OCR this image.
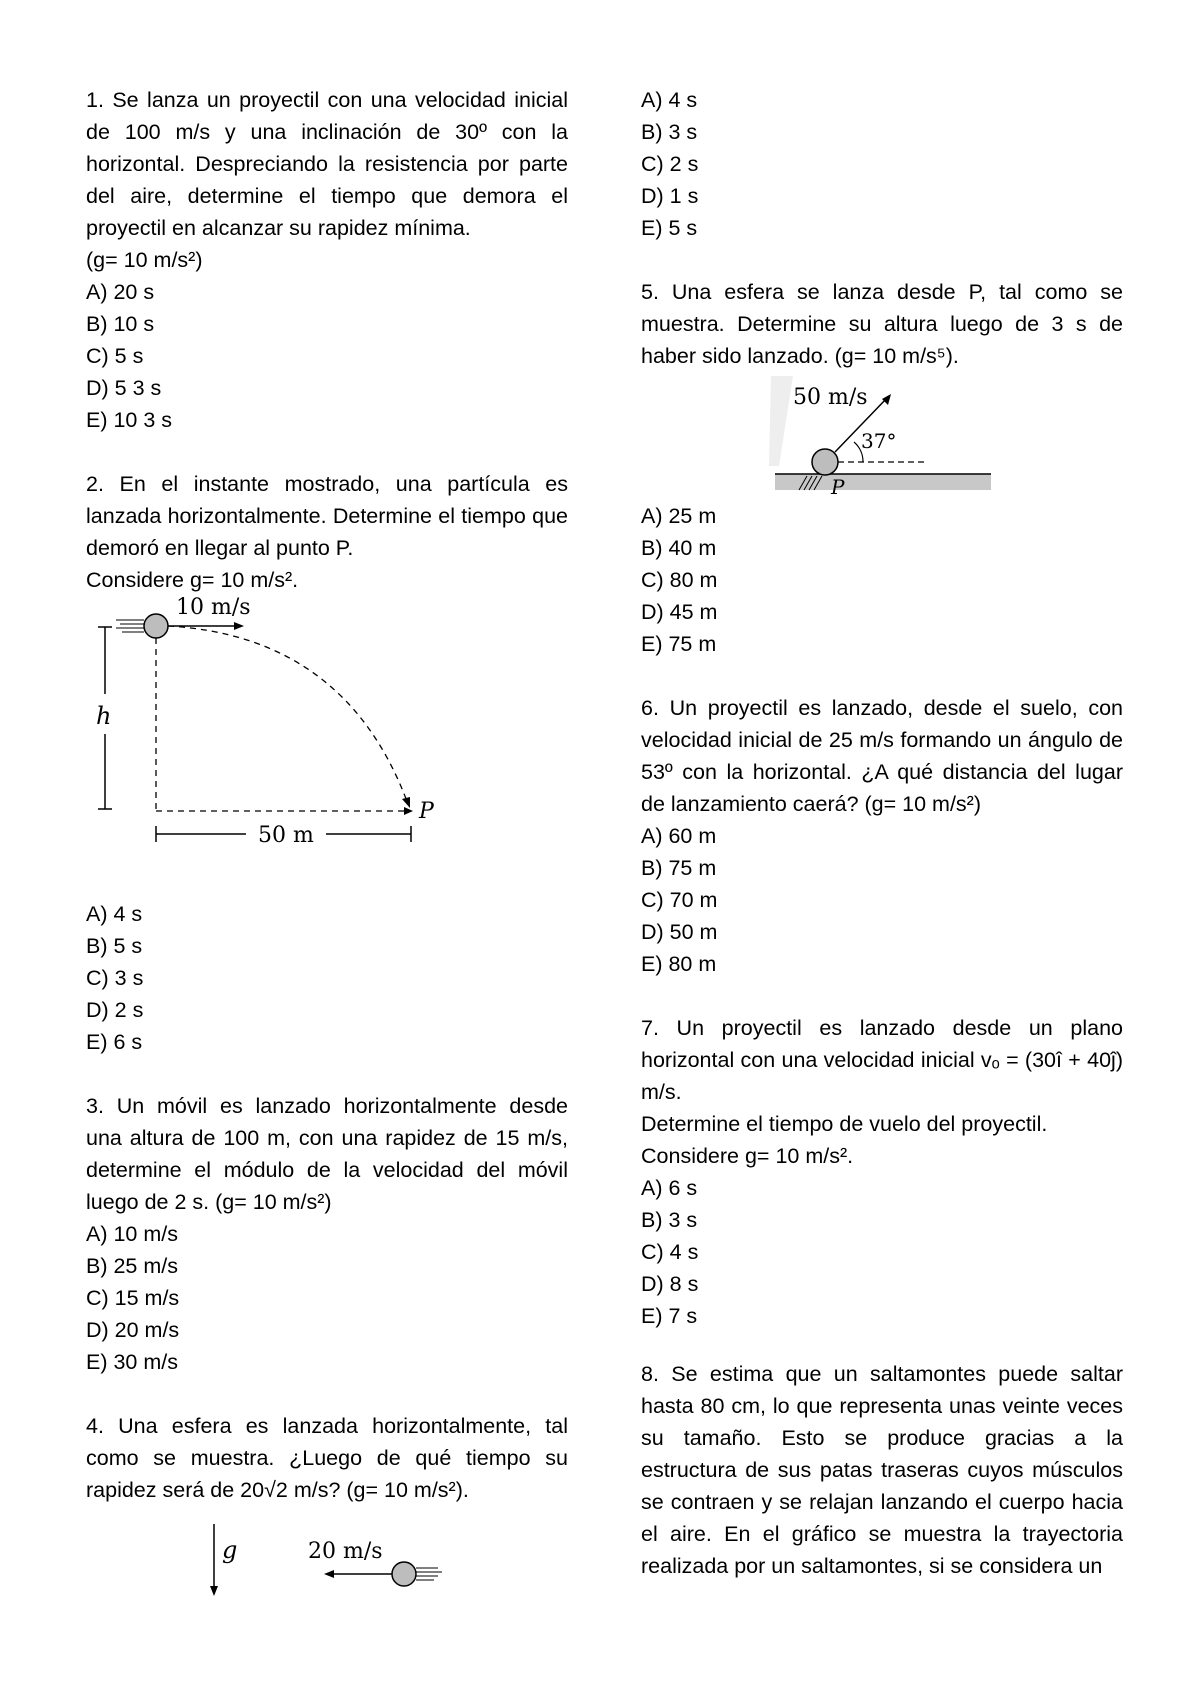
1. Se lanza un proyectil con una velocidad inicial de 100 m/s y una inclinación de 30º con la horizontal. Despreciando la resistencia por parte del aire, determine el tiempo que demora el proyectil en alcanzar su rapidez mínima.

(g= 10 m/s²)

A) 20 s

B) 10 s

C) 5 s

D) 5 3 s

E) 10 3 s

2. En el instante mostrado, una partícula es lanzada horizontalmente. Determine el tiempo que demoró en llegar al punto P.

Considere g= 10 m/s².

10 m/s
h
P
50 m

A) 4 s

B) 5 s

C) 3 s

D) 2 s

E) 6 s

3. Un móvil es lanzado horizontalmente desde una altura de 100 m, con una rapidez de 15 m/s, determine el módulo de la velocidad del móvil luego de 2 s. (g= 10 m/s²)

A) 10 m/s

B) 25 m/s

C) 15 m/s

D) 20 m/s

E) 30 m/s

4. Una esfera es lanzada horizontalmente, tal como se muestra. ¿Luego de qué tiempo su rapidez será de 20√2 m/s? (g= 10 m/s²).

g	20 m/s

A) 4 s

B) 3 s

C) 2 s

D) 1 s

E) 5 s

5. Una esfera se lanza desde P, tal como se muestra. Determine su altura luego de 3 s de haber sido lanzado. (g= 10 m/s⁵).

50 m/s
37°
P

A) 25 m

B) 40 m

C) 80 m

D) 45 m

E) 75 m

6. Un proyectil es lanzado, desde el suelo, con velocidad inicial de 25 m/s formando un ángulo de 53º con la horizontal. ¿A qué distancia del lugar de lanzamiento caerá? (g= 10 m/s²)

A) 60 m

B) 75 m

C) 70 m

D) 50 m

E) 80 m

7. Un proyectil es lanzado desde un plano horizontal con una velocidad inicial vₒ = (30î + 40ĵ) m/s.

Determine el tiempo de vuelo del proyectil.

Considere g= 10 m/s².

A) 6 s

B) 3 s

C) 4 s

D) 8 s

E) 7 s

8. Se estima que un saltamontes puede saltar hasta 80 cm, lo que representa unas veinte veces su tamaño. Esto se produce gracias a la estructura de sus patas traseras cuyos músculos se contraen y se relajan lanzando el cuerpo hacia el aire. En el gráfico se muestra la trayectoria realizada por un saltamontes, si se considera un
